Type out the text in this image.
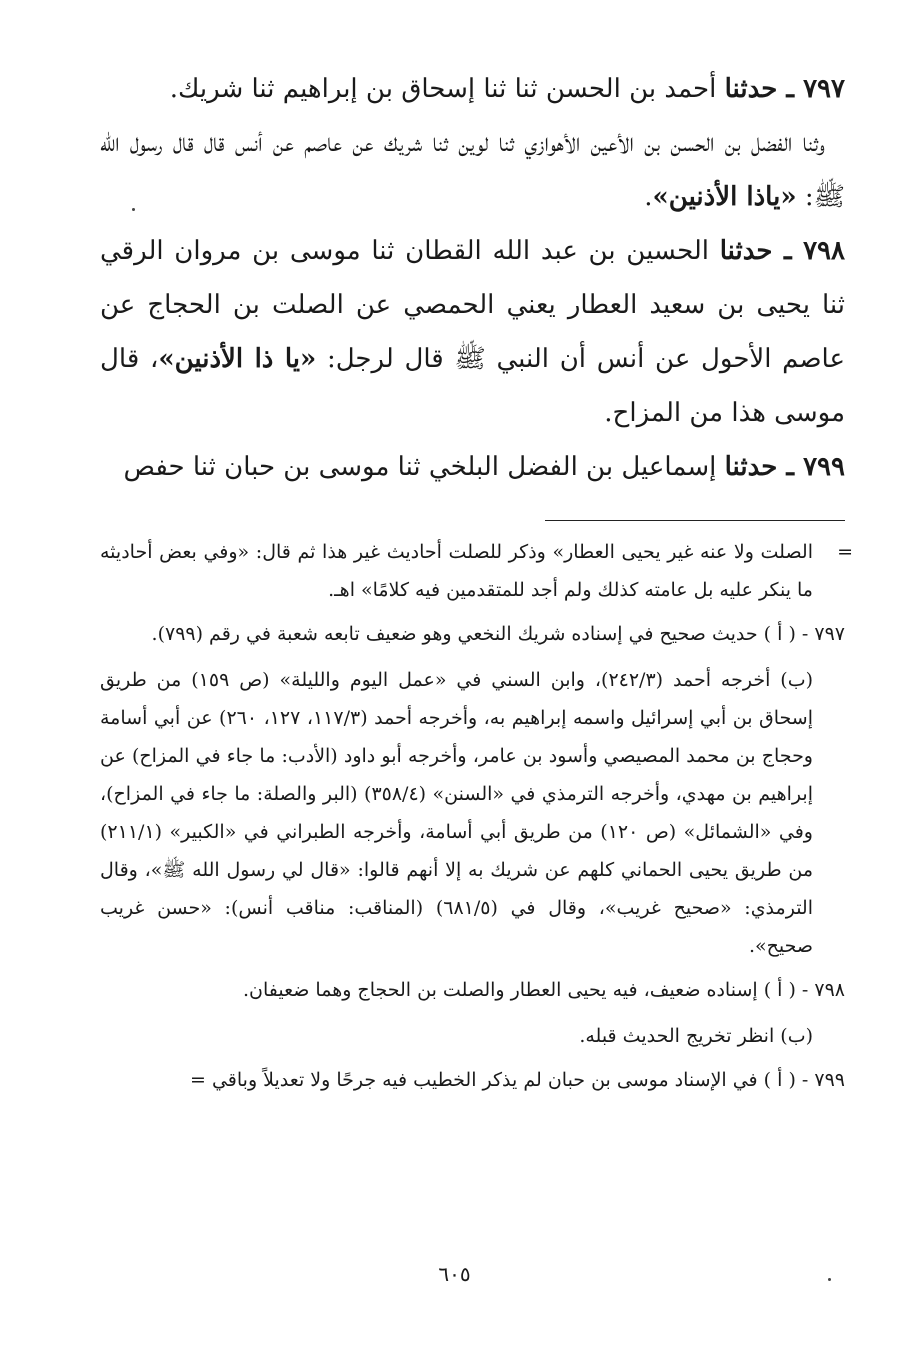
٧٩٧ ـ حدثنا أحمد بن الحسن ثنا ثنا إسحاق بن إبراهيم ثنا شريك.

وثنا الفضل بن الحسن بن الأعين الأهوازي ثنا لوين ثنا شريك عن عاصم عن أنس قال قال رسول الله ﷺ: «ياذا الأذنين».

٧٩٨ ـ حدثنا الحسين بن عبد الله القطان ثنا موسى بن مروان الرقي ثنا يحيى بن سعيد العطار يعني الحمصي عن الصلت بن الحجاج عن عاصم الأحول عن أنس أن النبي ﷺ قال لرجل: «يا ذا الأذنين»، قال موسى هذا من المزاح.

٧٩٩ ـ حدثنا إسماعيل بن الفضل البلخي ثنا موسى بن حبان ثنا حفص

=
الصلت ولا عنه غير يحيى العطار» وذكر للصلت أحاديث غير هذا ثم قال: «وفي بعض أحاديثه ما ينكر عليه بل عامته كذلك ولم أجد للمتقدمين فيه كلامًا» اهـ.
٧٩٧ - ( أ ) حديث صحيح في إسناده شريك النخعي وهو ضعيف تابعه شعبة في رقم (٧٩٩).
(ب) أخرجه أحمد (٢٤٢/٣)، وابن السني في «عمل اليوم والليلة» (ص ١٥٩) من طريق إسحاق بن أبي إسرائيل واسمه إبراهيم به، وأخرجه أحمد (١١٧/٣، ١٢٧، ٢٦٠) عن أبي أسامة وحجاج بن محمد المصيصي وأسود بن عامر، وأخرجه أبو داود (الأدب: ما جاء في المزاح) عن إبراهيم بن مهدي، وأخرجه الترمذي في «السنن» (٣٥٨/٤) (البر والصلة: ما جاء في المزاح)، وفي «الشمائل» (ص ١٢٠) من طريق أبي أسامة، وأخرجه الطبراني في «الكبير» (٢١١/١) من طريق يحيى الحماني كلهم عن شريك به إلا أنهم قالوا: «قال لي رسول الله ﷺ»، وقال الترمذي: «صحيح غريب»، وقال في (٦٨١/٥) (المناقب: مناقب أنس): «حسن غريب صحيح».
٧٩٨ - ( أ ) إسناده ضعيف، فيه يحيى العطار والصلت بن الحجاج وهما ضعيفان.
(ب) انظر تخريج الحديث قبله.
٧٩٩ - ( أ ) في الإسناد موسى بن حبان لم يذكر الخطيب فيه جرحًا ولا تعديلاً وباقي =
٦٠٥
